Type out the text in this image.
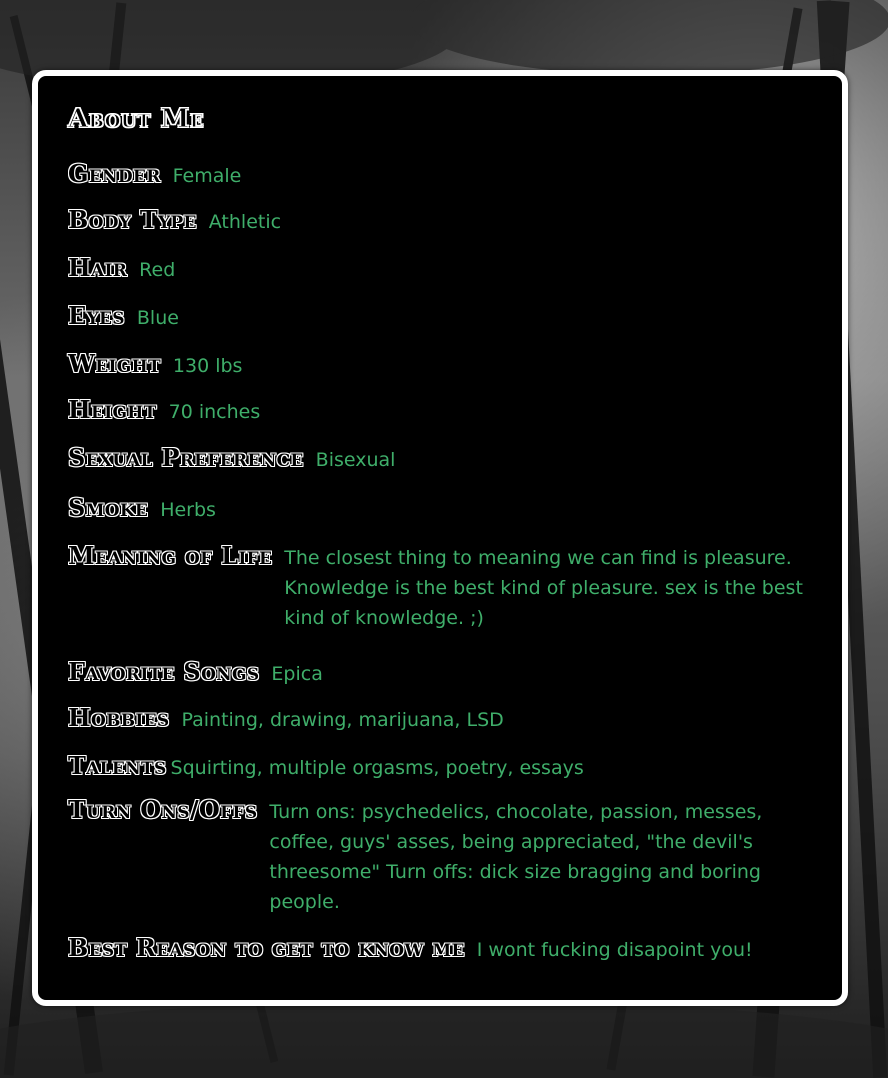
About Me
Gender Female
Body Type Athletic
Hair Red
Eyes Blue
Weight 130 lbs
Height 70 inches
Sexual Preference Bisexual
Smoke Herbs
Meaning of Life The closest thing to meaning we can find is pleasure. Knowledge is the best kind of pleasure. sex is the best kind of knowledge. ;)
Favorite Songs Epica
Hobbies Painting, drawing, marijuana, LSD
Talents Squirting, multiple orgasms, poetry, essays
Turn Ons/Offs Turn ons: psychedelics, chocolate, passion, messes, coffee, guys' asses, being appreciated, "the devil's threesome" Turn offs: dick size bragging and boring people.
Best Reason to get to know me I wont fucking disapoint you!
